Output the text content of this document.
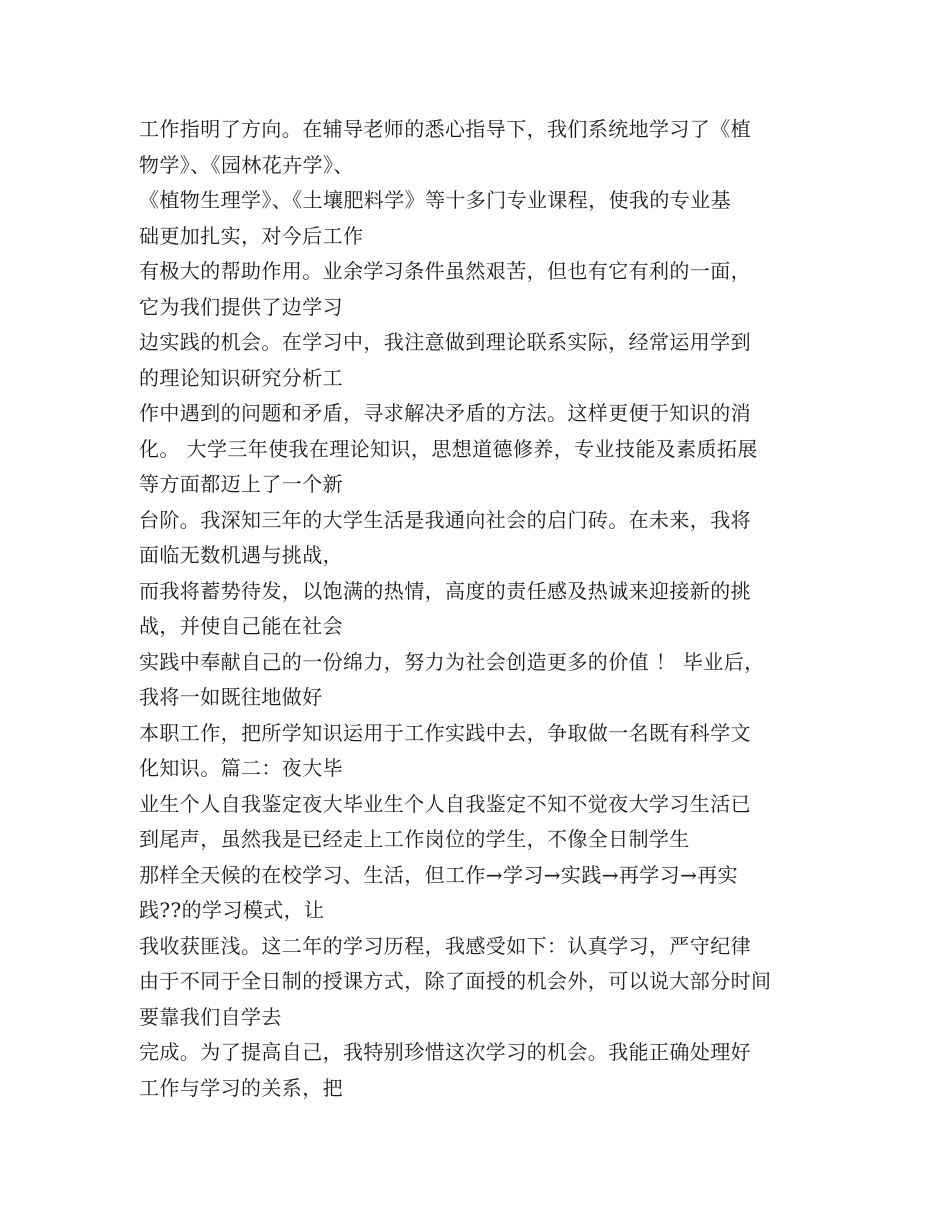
工作指明了方向。在辅导老师的悉心指导下，我们系统地学习了《植
物学》、《园林花卉学》、
《植物生理学》、《土壤肥料学》等十多门专业课程，使我的专业基
础更加扎实，对今后工作
有极大的帮助作用。业余学习条件虽然艰苦，但也有它有利的一面，
它为我们提供了边学习
边实践的机会。在学习中，我注意做到理论联系实际，经常运用学到
的理论知识研究分析工
作中遇到的问题和矛盾，寻求解决矛盾的方法。这样更便于知识的消
化。 大学三年使我在理论知识，思想道德修养，专业技能及素质拓展
等方面都迈上了一个新
台阶。我深知三年的大学生活是我通向社会的启门砖。在未来，我将
面临无数机遇与挑战，
而我将蓄势待发，以饱满的热情，高度的责任感及热诚来迎接新的挑
战，并使自己能在社会
实践中奉献自己的一份绵力，努力为社会创造更多的价值 ！ 毕业后，
我将一如既往地做好
本职工作，把所学知识运用于工作实践中去，争取做一名既有科学文
化知识。篇二：夜大毕
业生个人自我鉴定夜大毕业生个人自我鉴定不知不觉夜大学习生活已
到尾声，虽然我是已经走上工作岗位的学生，不像全日制学生
那样全天候的在校学习、生活，但工作→学习→实践→再学习→再实
践??的学习模式，让
我收获匪浅。这二年的学习历程，我感受如下：认真学习，严守纪律
由于不同于全日制的授课方式，除了面授的机会外，可以说大部分时间
要靠我们自学去
完成。为了提高自己，我特别珍惜这次学习的机会。我能正确处理好
工作与学习的关系，把
